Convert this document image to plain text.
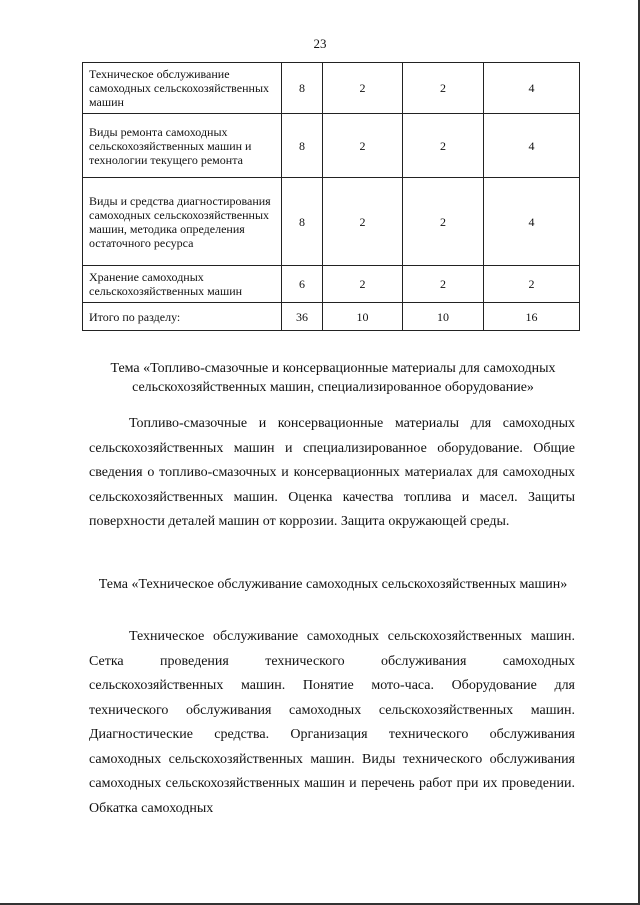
23
Техническое обслуживание самоходных сельскохозяйственных машин	8	2	2	4
Виды ремонта самоходных сельскохозяйственных машин и технологии текущего ремонта	8	2	2	4
Виды и средства диагностирования самоходных сельскохозяйственных машин, методика определения остаточного ресурса	8	2	2	4
Хранение самоходных сельскохозяйственных машин	6	2	2	2
Итого по разделу:	36	10	10	16
Тема «Топливо-смазочные и консервационные материалы для самоходных сельскохозяйственных машин, специализированное оборудование»
Топливо-смазочные и консервационные материалы для самоходных сельскохозяйственных машин и специализированное оборудование. Общие сведения о топливо-смазочных и консервационных материалах для самоходных сельскохозяйственных машин. Оценка качества топлива и масел. Защиты поверхности деталей машин от коррозии. Защита окружающей среды.
Тема «Техническое обслуживание самоходных сельскохозяйственных машин»
Техническое обслуживание самоходных сельскохозяйственных машин. Сетка проведения технического обслуживания самоходных сельскохозяйственных машин. Понятие мото-часа. Оборудование для технического обслуживания самоходных сельскохозяйственных машин. Диагностические средства. Организация технического обслуживания самоходных сельскохозяйственных машин. Виды технического обслуживания самоходных сельскохозяйственных машин и перечень работ при их проведении. Обкатка самоходных
